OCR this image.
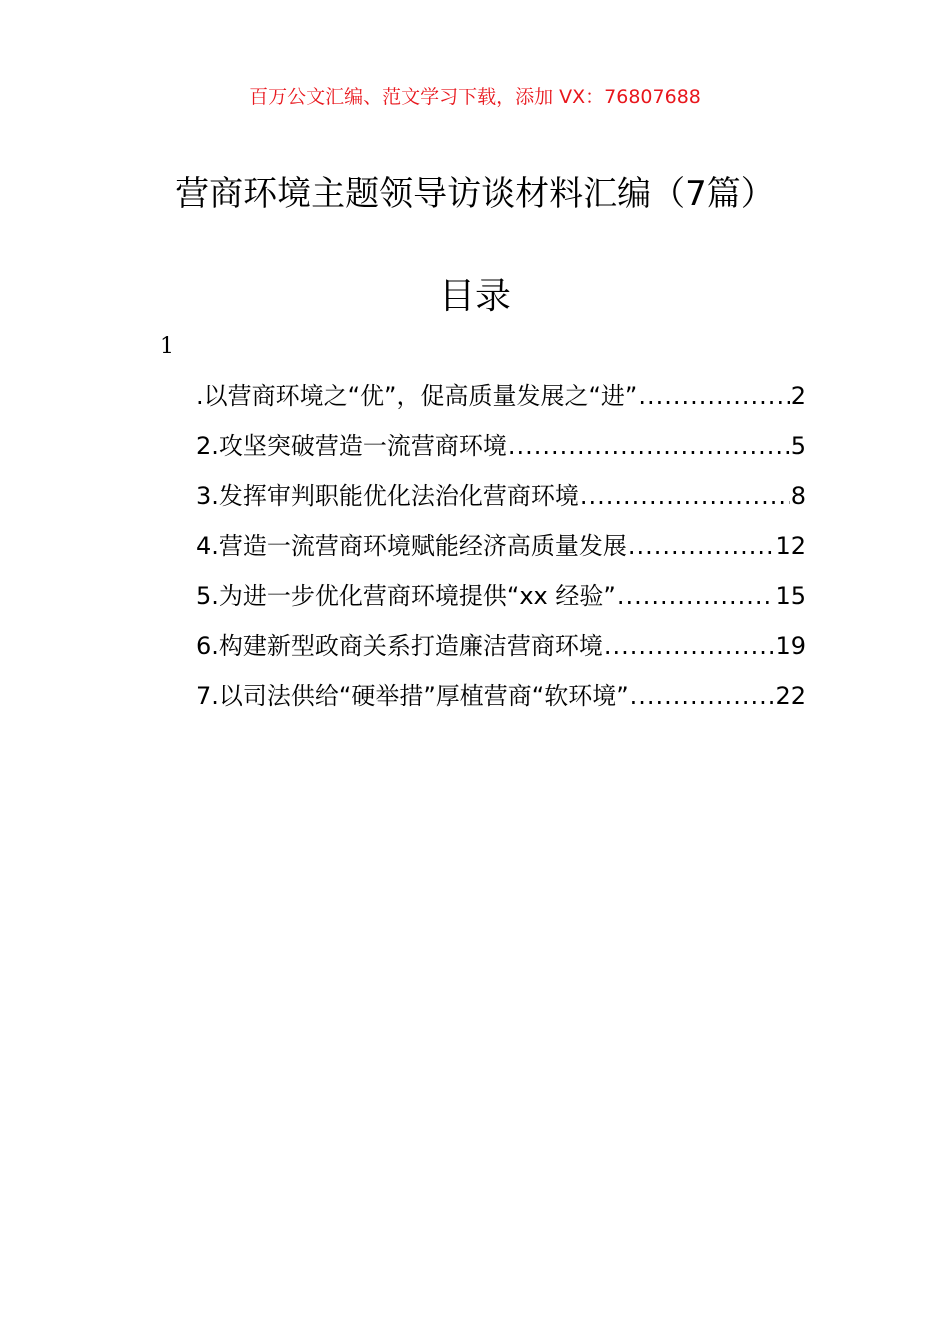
百万公文汇编、范文学习下载，添加 VX：76807688
营商环境主题领导访谈材料汇编（7篇）
目录
1
.以营商环境之“优”，促高质量发展之“进” .....	2
2.攻坚突破营造一流营商环境 .....	5
3.发挥审判职能优化法治化营商环境 .....	8
4.营造一流营商环境赋能经济高质量发展 .....	12
5.为进一步优化营商环境提供“xx 经验” .....	15
6.构建新型政商关系打造廉洁营商环境 .....	19
7.以司法供给“硬举措”厚植营商“软环境” .....	22
